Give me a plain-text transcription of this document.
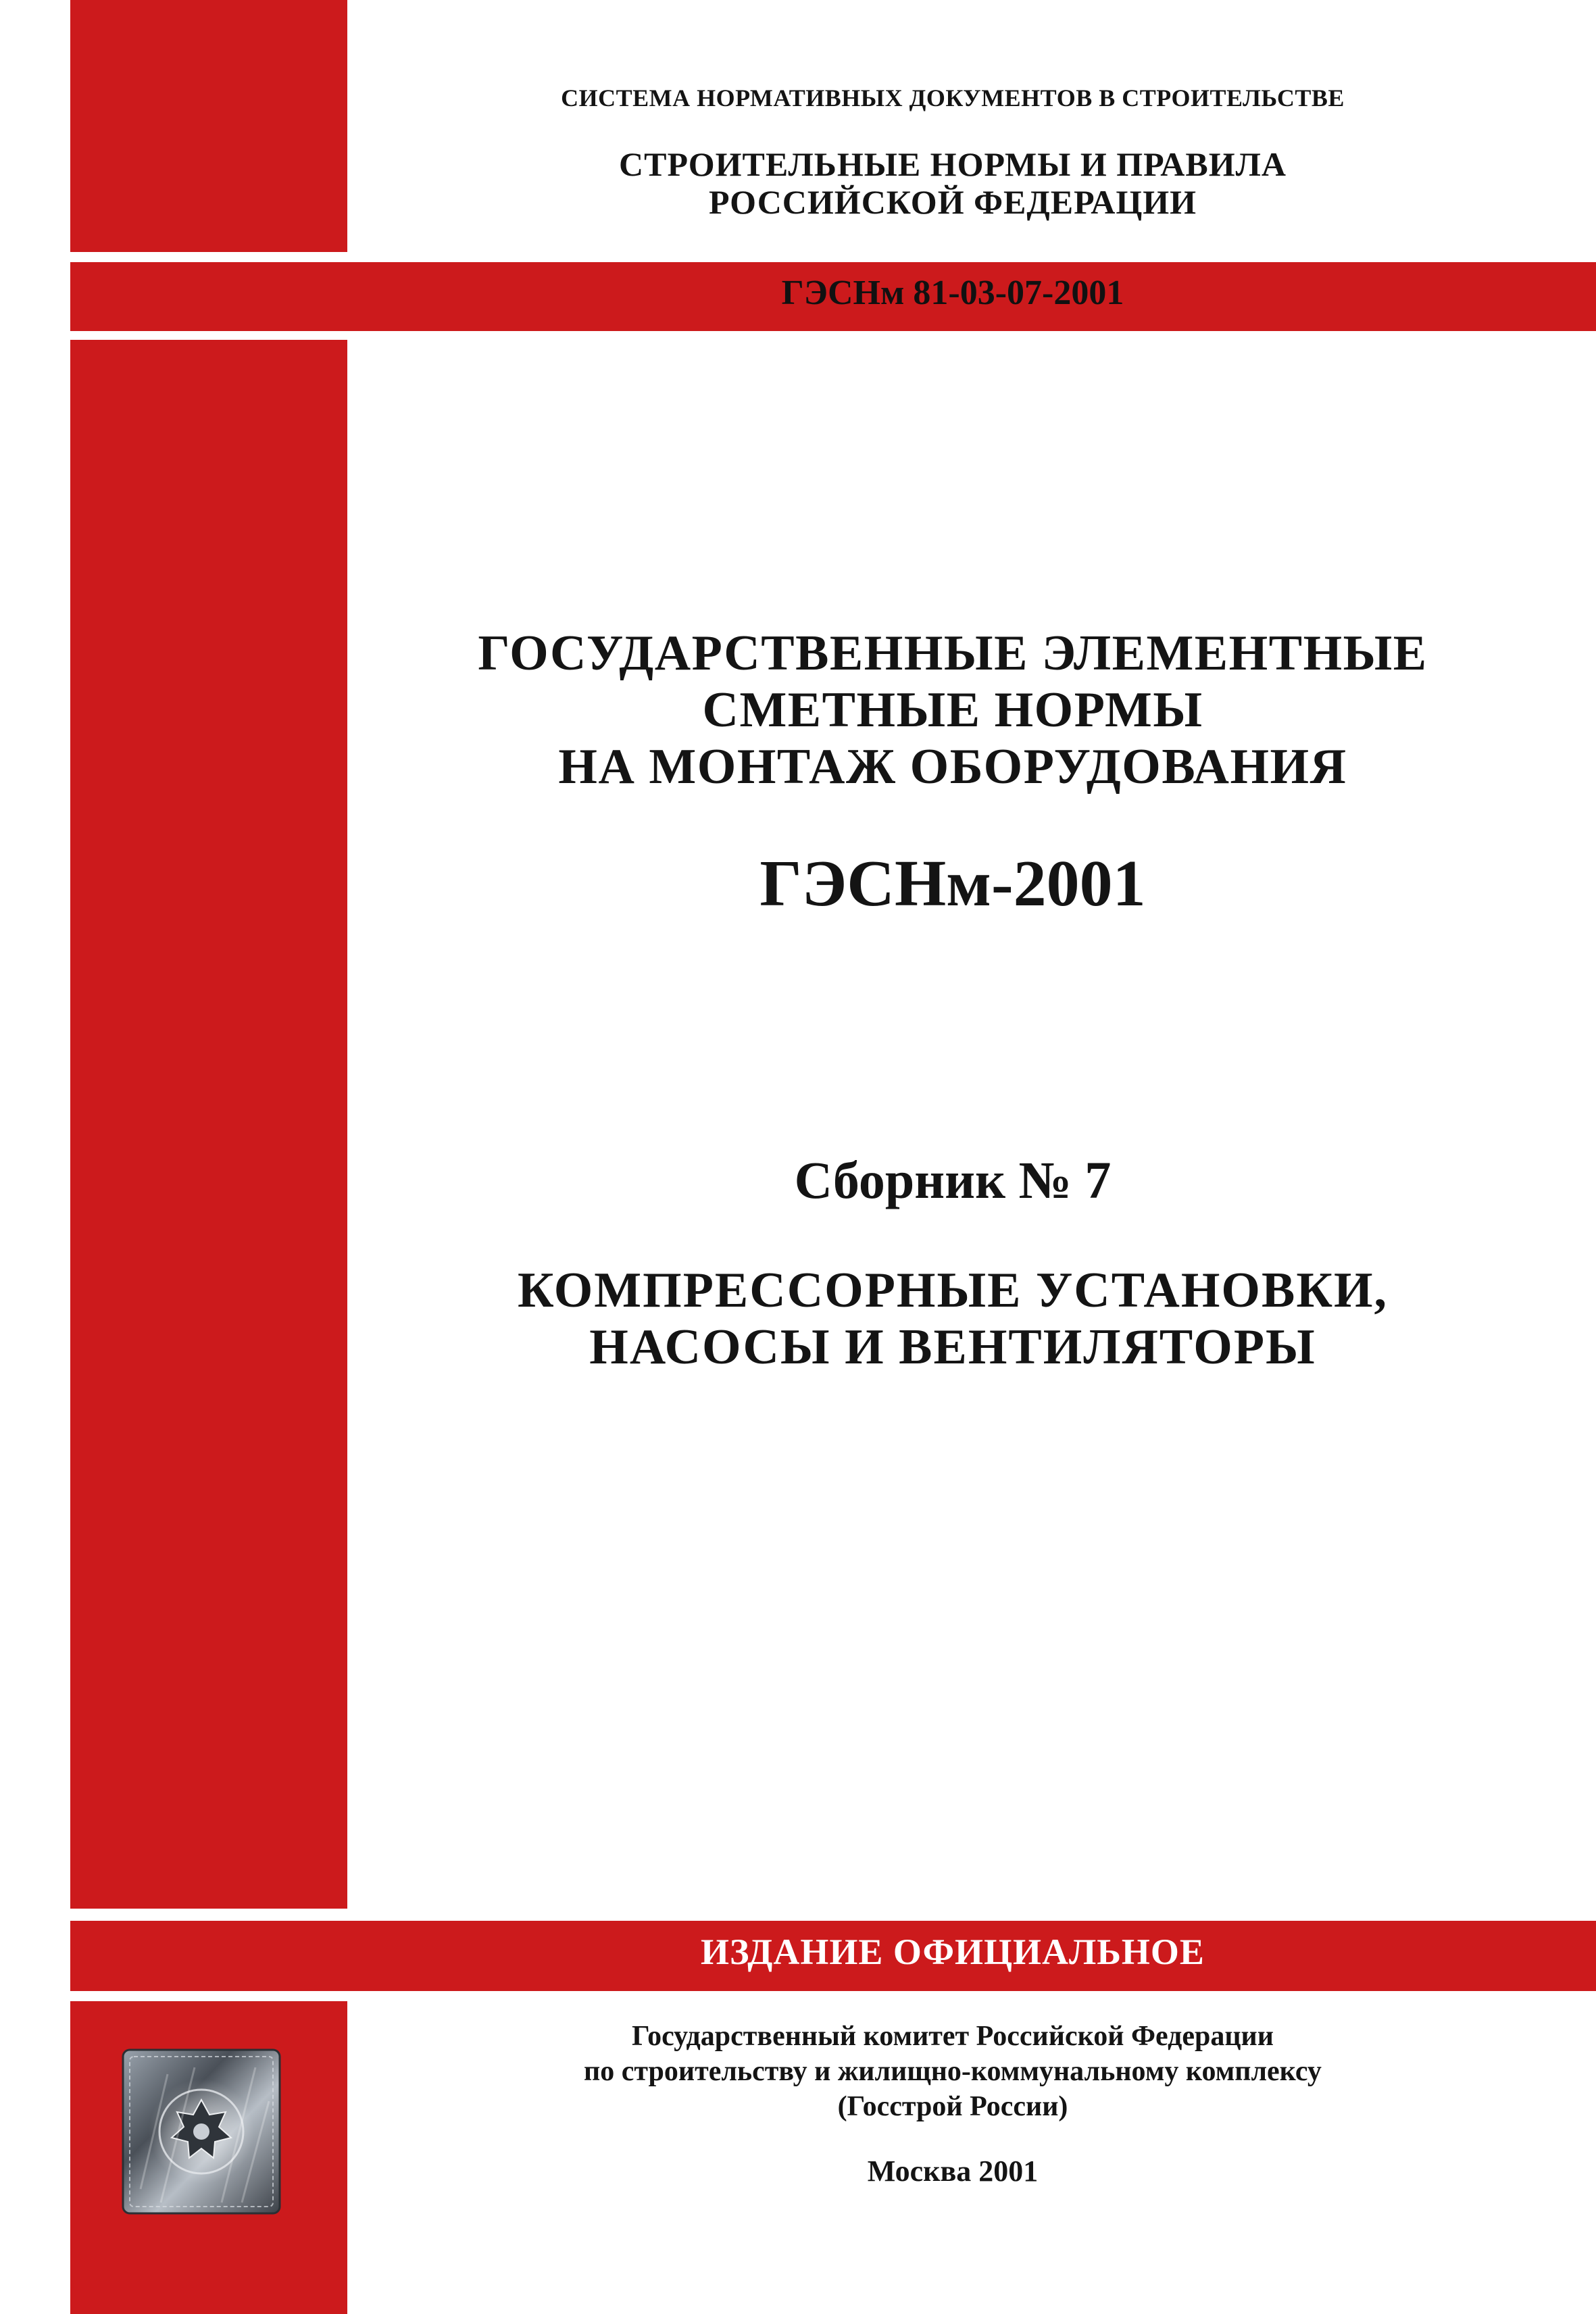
СИСТЕМА НОРМАТИВНЫХ ДОКУМЕНТОВ В СТРОИТЕЛЬСТВЕ
СТРОИТЕЛЬНЫЕ НОРМЫ И ПРАВИЛА
РОССИЙСКОЙ ФЕДЕРАЦИИ
ГЭСНм 81-03-07-2001
ГОСУДАРСТВЕННЫЕ ЭЛЕМЕНТНЫЕ
СМЕТНЫЕ НОРМЫ
НА МОНТАЖ ОБОРУДОВАНИЯ
ГЭСНм-2001
Сборник № 7
КОМПРЕССОРНЫЕ УСТАНОВКИ,
НАСОСЫ И ВЕНТИЛЯТОРЫ
ИЗДАНИЕ ОФИЦИАЛЬНОЕ
Государственный комитет Российской Федерации
по строительству и жилищно-коммунальному комплексу
(Госстрой России)
Москва 2001
